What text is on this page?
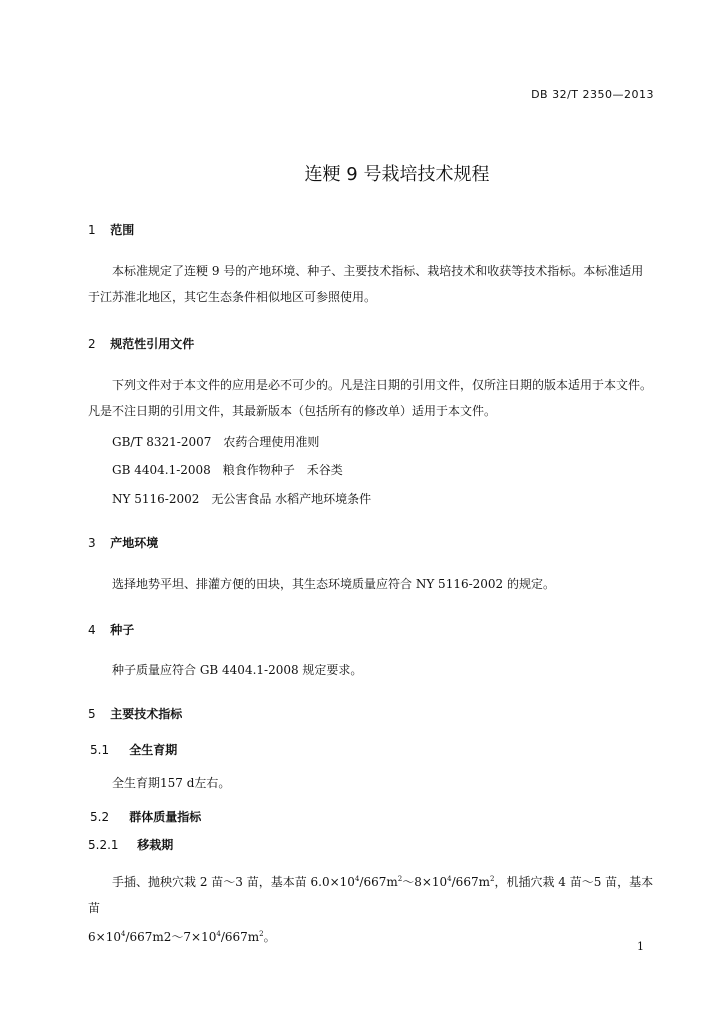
DB 32/T 2350—2013
连粳 9 号栽培技术规程
1 范围
本标准规定了连粳 9 号的产地环境、种子、主要技术指标、栽培技术和收获等技术指标。本标准适用于江苏淮北地区，其它生态条件相似地区可参照使用。
2 规范性引用文件
下列文件对于本文件的应用是必不可少的。凡是注日期的引用文件，仅所注日期的版本适用于本文件。凡是不注日期的引用文件，其最新版本（包括所有的修改单）适用于本文件。
GB/T 8321-2007　农药合理使用准则
GB 4404.1-2008　粮食作物种子　禾谷类
NY 5116-2002　无公害食品 水稻产地环境条件
3 产地环境
选择地势平坦、排灌方便的田块，其生态环境质量应符合 NY 5116-2002 的规定。
4 种子
种子质量应符合 GB 4404.1-2008 规定要求。
5 主要技术指标
5.1 全生育期
全生育期157 d左右。
5.2 群体质量指标
5.2.1 移栽期
手插、抛秧穴栽 2 苗～3 苗，基本苗 $6.0\times 10^4/667m^2\sim 8\times 10^4/667m^2$，机插穴栽 4 苗～5 苗，基本苗
$6\times 10^4/667m2\sim 7\times 10^4/667m^2$。
1
